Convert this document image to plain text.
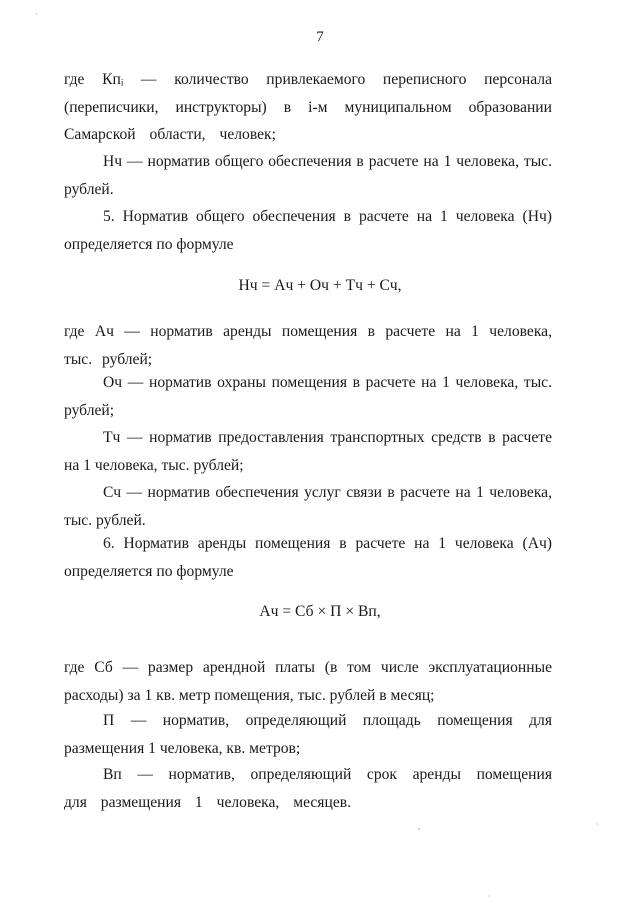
7

где Кпᵢ — количество привлекаемого переписного персонала (переписчики, инструкторы) в i-м муниципальном образовании Самарской области, человек;

Нч — норматив общего обеспечения в расчете на 1 человека, тыс. рублей.

5. Норматив общего обеспечения в расчете на 1 человека (Нч) определяется по формуле

Нч = Ач + Оч + Тч + Сч,

где Ач — норматив аренды помещения в расчете на 1 человека, тыс. рублей;

Оч — норматив охраны помещения в расчете на 1 человека, тыс. рублей;

Тч — норматив предоставления транспортных средств в расчете на 1 человека, тыс. рублей;

Сч — норматив обеспечения услуг связи в расчете на 1 человека, тыс. рублей.

6. Норматив аренды помещения в расчете на 1 человека (Ач) определяется по формуле

Ач = Сб × П × Вп,

где Сб — размер арендной платы (в том числе эксплуатационные расходы) за 1 кв. метр помещения, тыс. рублей в месяц;

П — норматив, определяющий площадь помещения для размещения 1 человека, кв. метров;

Вп — норматив, определяющий срок аренды помещения для размещения 1 человека, месяцев.

·
,	·
·
